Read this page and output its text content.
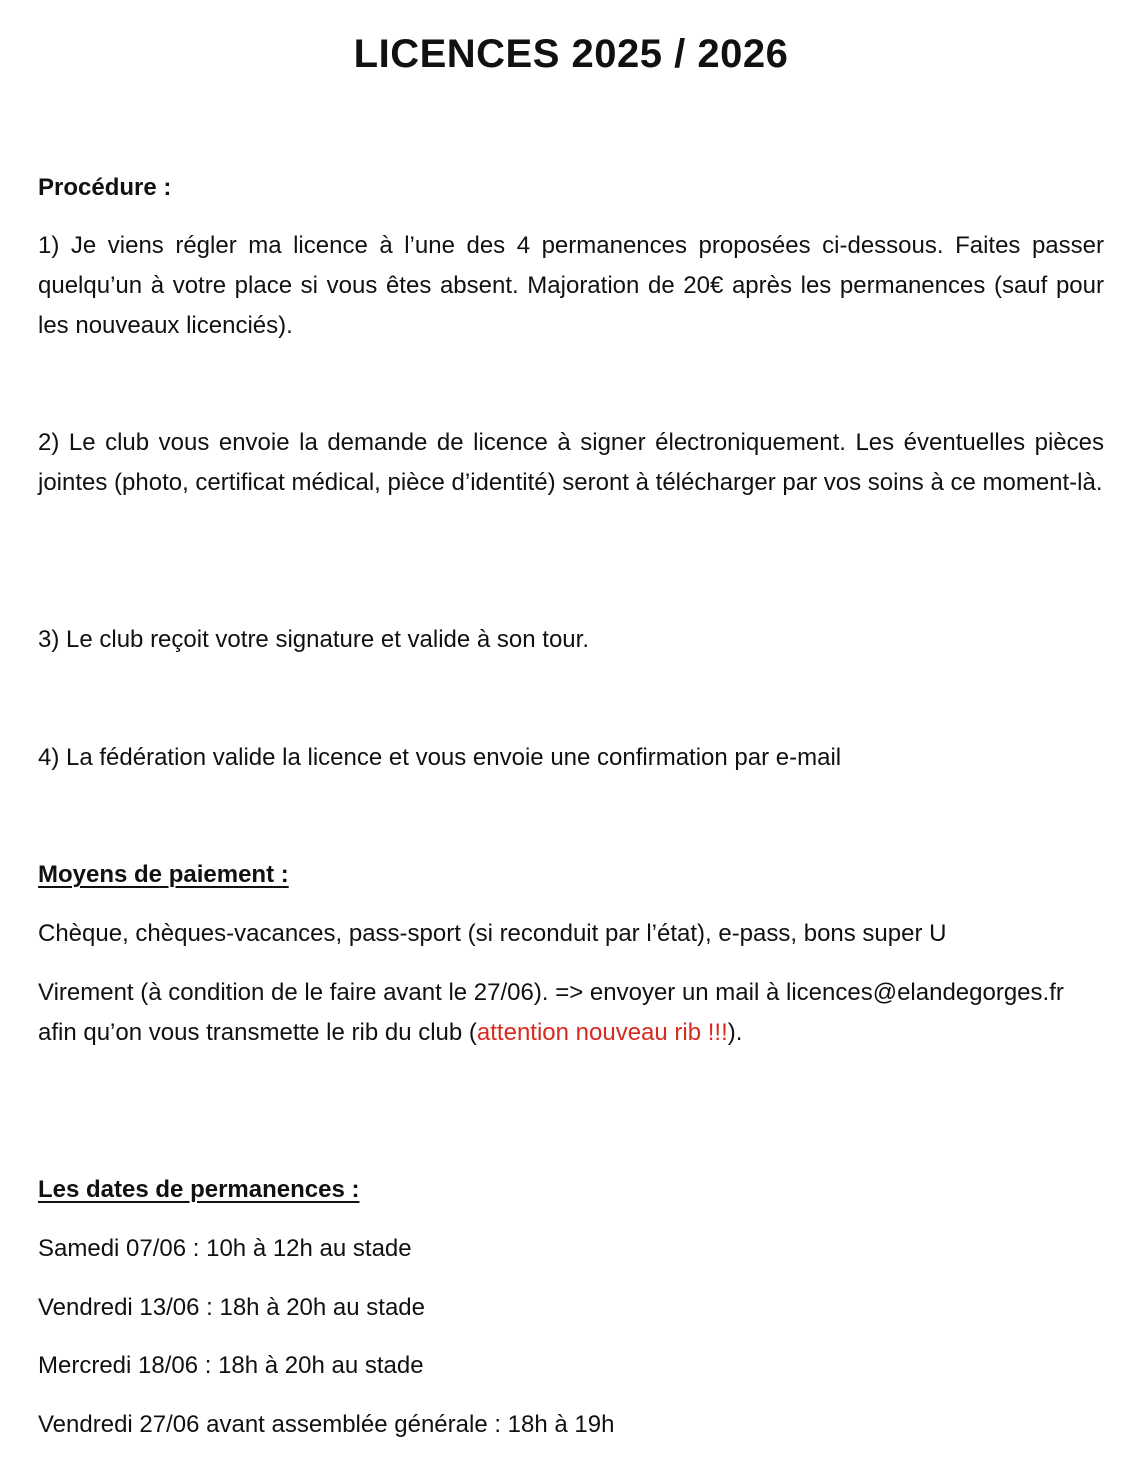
LICENCES 2025 / 2026
Procédure :
1) Je viens régler ma licence à l’une des 4 permanences proposées ci-dessous. Faites passer quelqu’un à votre place si vous êtes absent. Majoration de 20€ après les permanences (sauf pour les nouveaux licenciés).
2) Le club vous envoie la demande de licence à signer électroniquement. Les éventuelles pièces jointes (photo, certificat médical, pièce d’identité) seront à télécharger par vos soins à ce moment-là.
3) Le club reçoit votre signature et valide à son tour.
4) La fédération valide la licence et vous envoie une confirmation par e-mail
Moyens de paiement :
Chèque, chèques-vacances, pass-sport (si reconduit par l’état), e-pass, bons super U
Virement (à condition de le faire avant le 27/06). => envoyer un mail à licences@elandegorges.fr afin qu’on vous transmette le rib du club (attention nouveau rib !!!).
Les dates de permanences :
Samedi 07/06 : 10h à 12h au stade
Vendredi 13/06 : 18h à 20h au stade
Mercredi 18/06 : 18h à 20h au stade
Vendredi 27/06 avant assemblée générale : 18h à 19h
